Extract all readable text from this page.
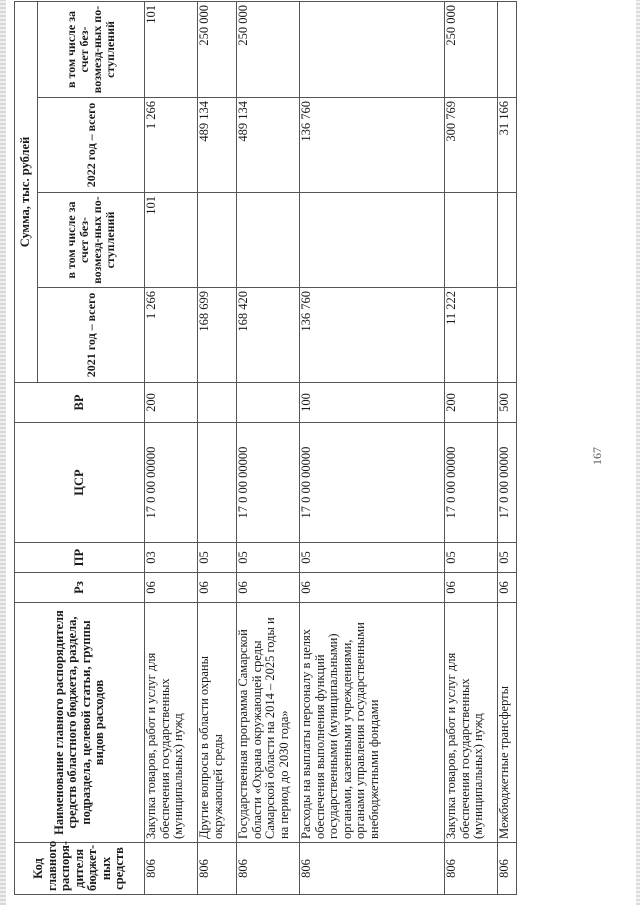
167
Код главного распоря-дителя бюджет-ных средств	Наименование главного распорядителя средств областного бюджета, раздела, подраздела, целевой статьи, группы видов расходов	Рз	ПР	ЦСР	ВР	Сумма, тыс. рублей			
						2021 год – всего	в том числе за счет без-возмезд-ных по-ступлений	2022 год – всего	в том числе за счет без-возмезд-ных по-ступлений
806	Закупка товаров, работ и услуг для обеспечения государственных (муниципальных) нужд	06	03	17 0 00 00000	200	1 266	101	1 266	101
806	Другие вопросы в области охраны окружающей среды	06	05			168 699		489 134	250 000
806	Государственная программа Самарской области «Охрана окружающей среды Самарской области на 2014 – 2025 годы и на период до 2030 года»	06	05	17 0 00 00000		168 420		489 134	250 000
806	Расходы на выплаты персоналу в целях обеспечения выполнения функций государственными (муниципальными) органами, казенными учреждениями, органами управления государственными внебюджетными фондами	06	05	17 0 00 00000	100	136 760		136 760	
806	Закупка товаров, работ и услуг для обеспечения государственных (муниципальных) нужд	06	05	17 0 00 00000	200	11 222		300 769	250 000
806	Межбюджетные трансферты	06	05	17 0 00 00000	500			31 166	
